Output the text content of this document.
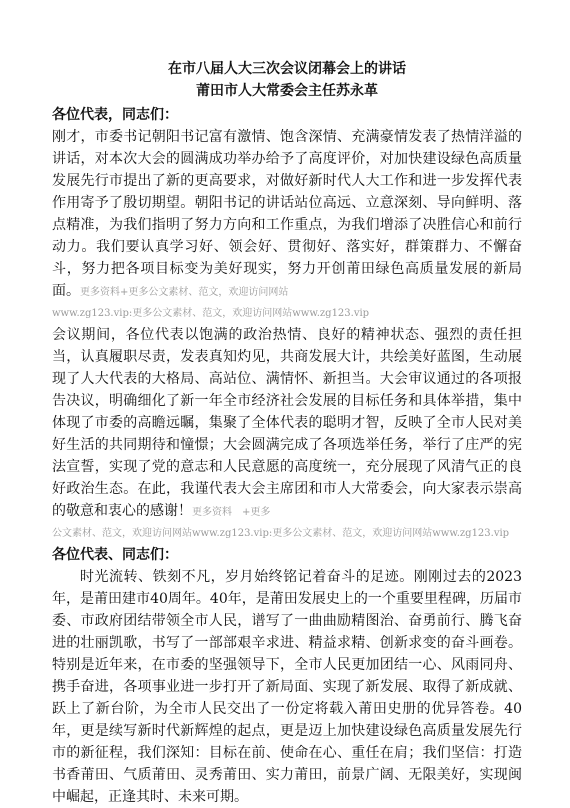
在市八届人大三次会议闭幕会上的讲话
莆田市人大常委会主任苏永革

各位代表，同志们：

刚才，市委书记朝阳书记富有激情、饱含深情、充满豪情发表了热情洋溢的讲话，对本次大会的圆满成功举办给予了高度评价，对加快建设绿色高质量发展先行市提出了新的更高要求，对做好新时代人大工作和进一步发挥代表作用寄予了殷切期望。朝阳书记的讲话站位高远、立意深刻、导向鲜明、落点精准，为我们指明了努力方向和工作重点，为我们增添了决胜信心和前行动力。我们要认真学习好、领会好、贯彻好、落实好，群策群力、不懈奋斗，努力把各项目标变为美好现实，努力开创莆田绿色高质量发展的新局面。更多资料+更多公文素材、范文，欢迎访问网站

www.zg123.vip:更多公文素材、范文，欢迎访问网站www.zg123.vip

会议期间，各位代表以饱满的政治热情、良好的精神状态、强烈的责任担当，认真履职尽责，发表真知灼见，共商发展大计，共绘美好蓝图，生动展现了人大代表的大格局、高站位、满情怀、新担当。大会审议通过的各项报告决议，明确细化了新一年全市经济社会发展的目标任务和具体举措，集中体现了市委的高瞻远瞩，集聚了全体代表的聪明才智，反映了全市人民对美好生活的共同期待和憧憬；大会圆满完成了各项选举任务，举行了庄严的宪法宣誓，实现了党的意志和人民意愿的高度统一，充分展现了风清气正的良好政治生态。在此，我谨代表大会主席团和市人大常委会，向大家表示崇高的敬意和衷心的感谢！更多资料　+更多

公文素材、范文，欢迎访问网站www.zg123.vip:更多公文素材、范文，欢迎访问网站www.zg123.vip

各位代表、同志们：

时光流转、铁刻不凡，岁月始终铭记着奋斗的足迹。刚刚过去的2023年，是莆田建市40周年。40年，是莆田发展史上的一个重要里程碑，历届市委、市政府团结带领全市人民，谱写了一曲曲励精图治、奋勇前行、腾飞奋进的壮丽凯歌，书写了一部部艰辛求进、精益求精、创新求变的奋斗画卷。特别是近年来，在市委的坚强领导下，全市人民更加团结一心、风雨同舟、携手奋进，各项事业进一步打开了新局面、实现了新发展、取得了新成就、跃上了新台阶，为全市人民交出了一份定将载入莆田史册的优异答卷。40年，更是续写新时代新辉煌的起点，更是迈上加快建设绿色高质量发展先行市的新征程，我们深知：目标在前、使命在心、重任在肩；我们坚信：打造书香莆田、气质莆田、灵秀莆田、实力莆田，前景广阔、无限美好，实现闽中崛起，正逢其时、未来可期。
